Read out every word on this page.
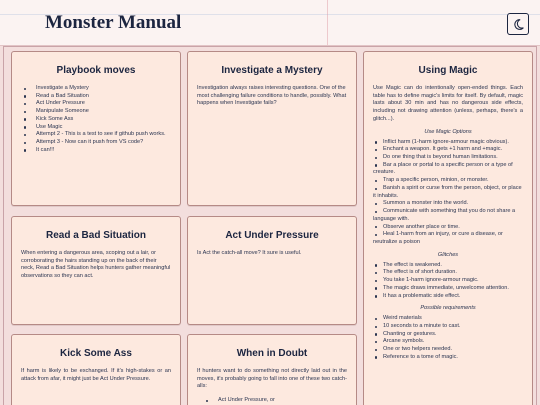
Monster Manual
Playbook moves
Investigate a Mystery
Read a Bad Situation
Act Under Pressure
Manipulate Someone
Kick Some Ass
Use Magic
Attempt 2 - This is a test to see if github push works.
Attempt 3 - Now can it push from VS code?
It can!!!
Investigate a Mystery

Investigation always raises interesting questions. One of the most challenging failure conditions to handle, possibly. What happens when Investigate fails?

Using Magic

Use Magic can do intentionally open-ended things. Each table has to define magic's limits for itself. By default, magic lasts about 30 min and has no dangerous side effects, including not drawing attention (unless, perhaps, there's a glitch...).

Use Magic Options
Inflict harm (1-harm ignore-armour magic obvious).
Enchant a weapon. It gets +1 harm and +magic.
Do one thing that is beyond human limitations.
Bar a place or portal to a specific person or a type of creature.
Trap a specific person, minion, or monster.
Banish a spirit or curse from the person, object, or place it inhabits.
Summon a monster into the world.
Communicate with something that you do not share a language with.
Observe another place or time.
Heal 1-harm from an injury, or cure a disease, or neutralize a poison
Glitches
The effect is weakened.
The effect is of short duration.
You take 1-harm ignore-armour magic.
The magic draws immediate, unwelcome attention.
It has a problematic side effect.
Possible requirements
Weird materials
10 seconds to a minute to cast.
Chanting or gestures.
Arcane symbols.
One or two helpers needed.
Reference to a tome of magic.
Read a Bad Situation

When entering a dangerous area, scoping out a lair, or corroborating the hairs standing up on the back of their neck, Read a Bad Situation helps hunters gather meaningful observations so they can act.

Act Under Pressure

Is Act the catch-all move? It sure is useful.

Kick Some Ass

If harm is likely to be exchanged. If it's high-stakes or an attack from afar, it might just be Act Under Pressure.

When in Doubt

If hunters want to do something not directly laid out in the moves, it's probably going to fall into one of these two catch-alls:

Act Under Pressure, or
